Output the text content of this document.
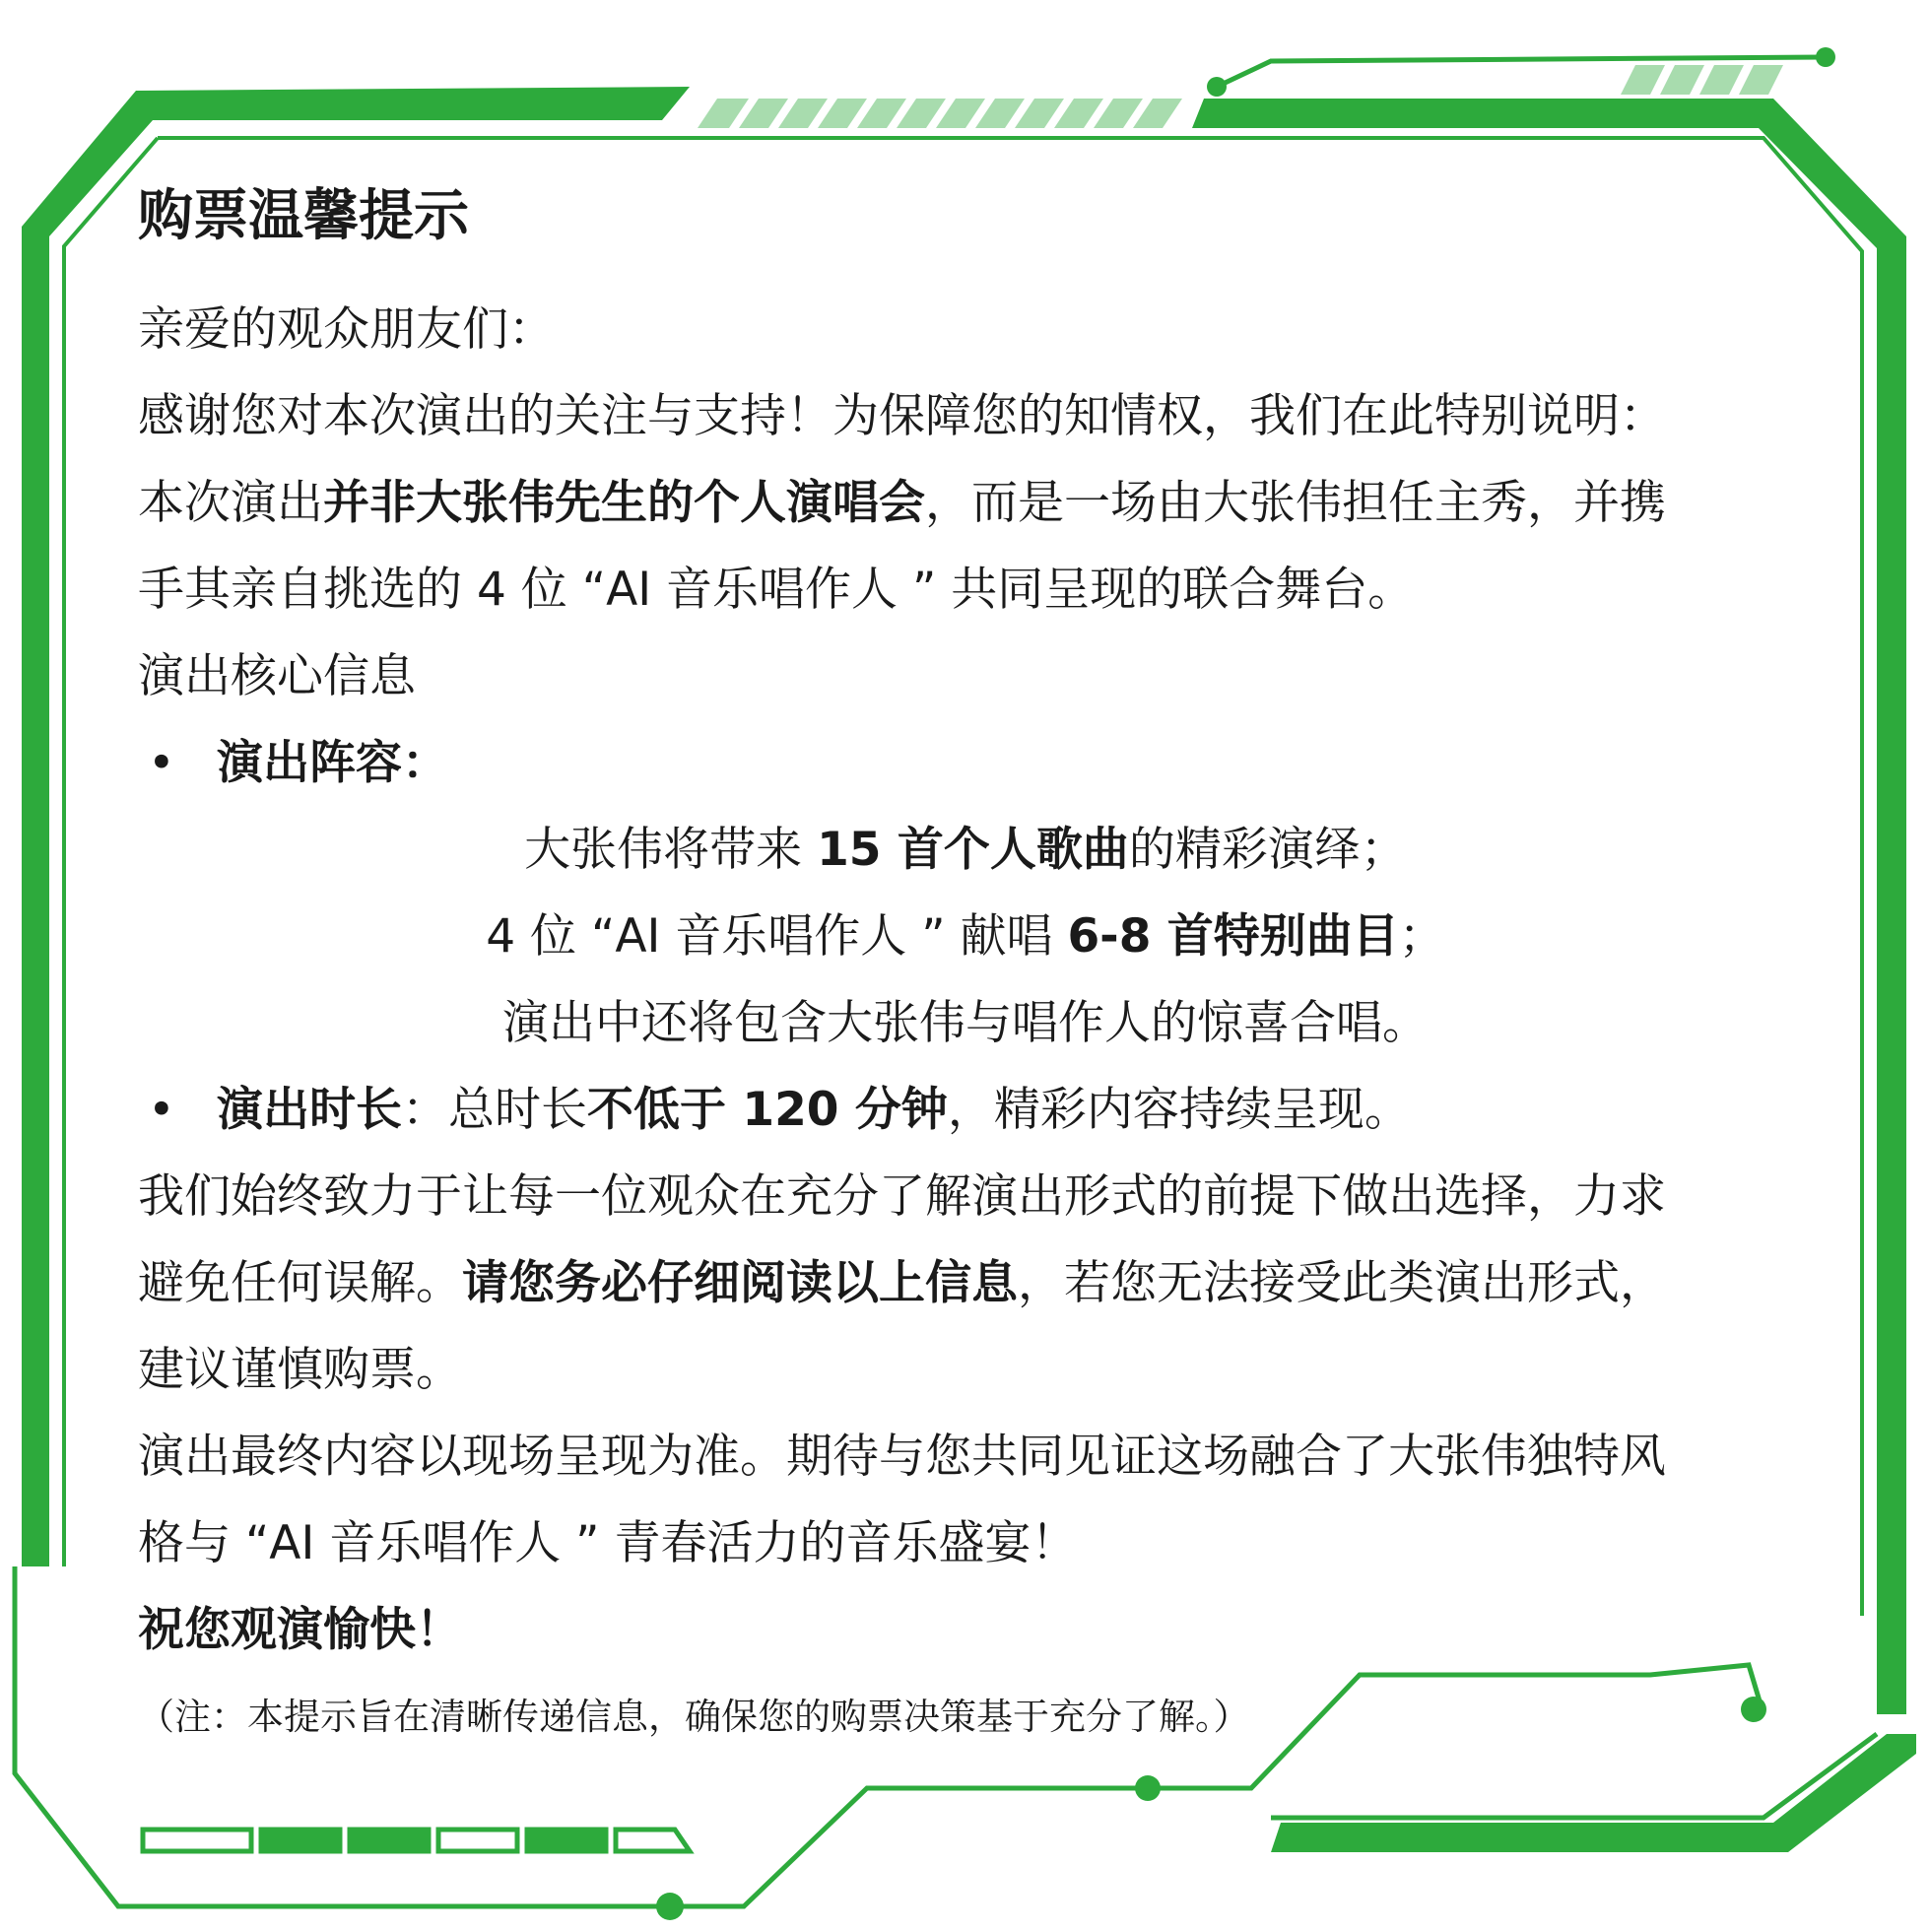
购票温馨提示
亲爱的观众朋友们：
感谢您对本次演出的关注与支持！为保障您的知情权，我们在此特别说明：
本次演出并非大张伟先生的个人演唱会，而是一场由大张伟担任主秀，并携
手其亲自挑选的 4 位 “AI 音乐唱作人 ” 共同呈现的联合舞台。
演出核心信息
• 演出阵容：
大张伟将带来 15 首个人歌曲的精彩演绎；
4 位 “AI 音乐唱作人 ” 献唱 6-8 首特别曲目；
演出中还将包含大张伟与唱作人的惊喜合唱。
• 演出时长：总时长不低于 120 分钟，精彩内容持续呈现。
我们始终致力于让每一位观众在充分了解演出形式的前提下做出选择，力求
避免任何误解。请您务必仔细阅读以上信息，若您无法接受此类演出形式，
建议谨慎购票。
演出最终内容以现场呈现为准。期待与您共同见证这场融合了大张伟独特风
格与 “AI 音乐唱作人 ” 青春活力的音乐盛宴！
祝您观演愉快！
（注：本提示旨在清晰传递信息，确保您的购票决策基于充分了解。）
